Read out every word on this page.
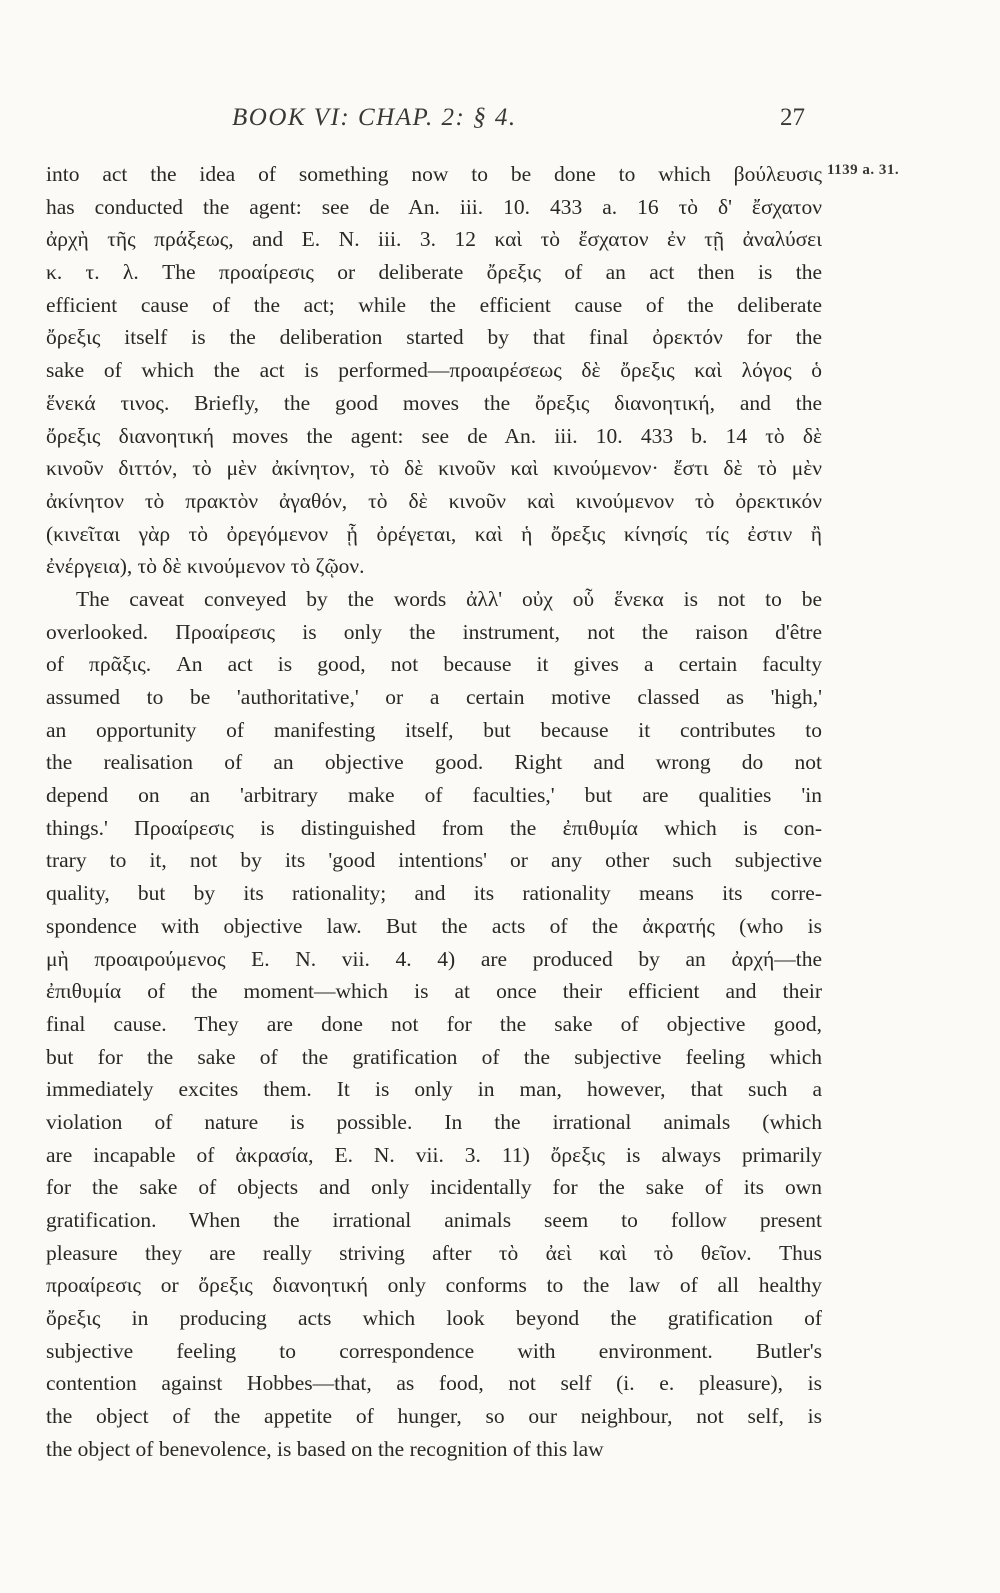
BOOK VI: CHAP. 2: § 4.	27
1139 a. 31.
into act the idea of something now to be done to which βούλευσις
has conducted the agent: see de An. iii. 10. 433 a. 16 τὸ δ' ἔσχατον
ἀρχὴ τῆς πράξεως, and E. N. iii. 3. 12 καὶ τὸ ἔσχατον ἐν τῇ ἀναλύσει
κ. τ. λ. The προαίρεσις or deliberate ὄρεξις of an act then is the
efficient cause of the act; while the efficient cause of the deliberate
ὄρεξις itself is the deliberation started by that final ὀρεκτόν for the
sake of which the act is performed—προαιρέσεως δὲ ὄρεξις καὶ λόγος ὁ
ἕνεκά τινος. Briefly, the good moves the ὄρεξις διανοητική, and the
ὄρεξις διανοητική moves the agent: see de An. iii. 10. 433 b. 14 τὸ δὲ
κινοῦν διττόν, τὸ μὲν ἀκίνητον, τὸ δὲ κινοῦν καὶ κινούμενον· ἔστι δὲ τὸ μὲν
ἀκίνητον τὸ πρακτὸν ἀγαθόν, τὸ δὲ κινοῦν καὶ κινούμενον τὸ ὀρεκτικόν
(κινεῖται γὰρ τὸ ὀρεγόμενον ᾗ ὀρέγεται, καὶ ἡ ὄρεξις κίνησίς τίς ἐστιν ἢ
ἐνέργεια), τὸ δὲ κινούμενον τὸ ζῷον.
The caveat conveyed by the words ἀλλ' οὐχ οὗ ἕνεκα is not to be
overlooked. Προαίρεσις is only the instrument, not the raison d'être
of πρᾶξις. An act is good, not because it gives a certain faculty
assumed to be 'authoritative,' or a certain motive classed as 'high,'
an opportunity of manifesting itself, but because it contributes to
the realisation of an objective good. Right and wrong do not
depend on an 'arbitrary make of faculties,' but are qualities 'in
things.' Προαίρεσις is distinguished from the ἐπιθυμία which is con-
trary to it, not by its 'good intentions' or any other such subjective
quality, but by its rationality; and its rationality means its corre-
spondence with objective law. But the acts of the ἀκρατής (who is
μὴ προαιρούμενος E. N. vii. 4. 4) are produced by an ἀρχή—the
ἐπιθυμία of the moment—which is at once their efficient and their
final cause. They are done not for the sake of objective good,
but for the sake of the gratification of the subjective feeling which
immediately excites them. It is only in man, however, that such a
violation of nature is possible. In the irrational animals (which
are incapable of ἀκρασία, E. N. vii. 3. 11) ὄρεξις is always primarily
for the sake of objects and only incidentally for the sake of its own
gratification. When the irrational animals seem to follow present
pleasure they are really striving after τὸ ἀεὶ καὶ τὸ θεῖον. Thus
προαίρεσις or ὄρεξις διανοητική only conforms to the law of all healthy
ὄρεξις in producing acts which look beyond the gratification of
subjective feeling to correspondence with environment. Butler's
contention against Hobbes—that, as food, not self (i. e. pleasure), is
the object of the appetite of hunger, so our neighbour, not self, is
the object of benevolence, is based on the recognition of this law
